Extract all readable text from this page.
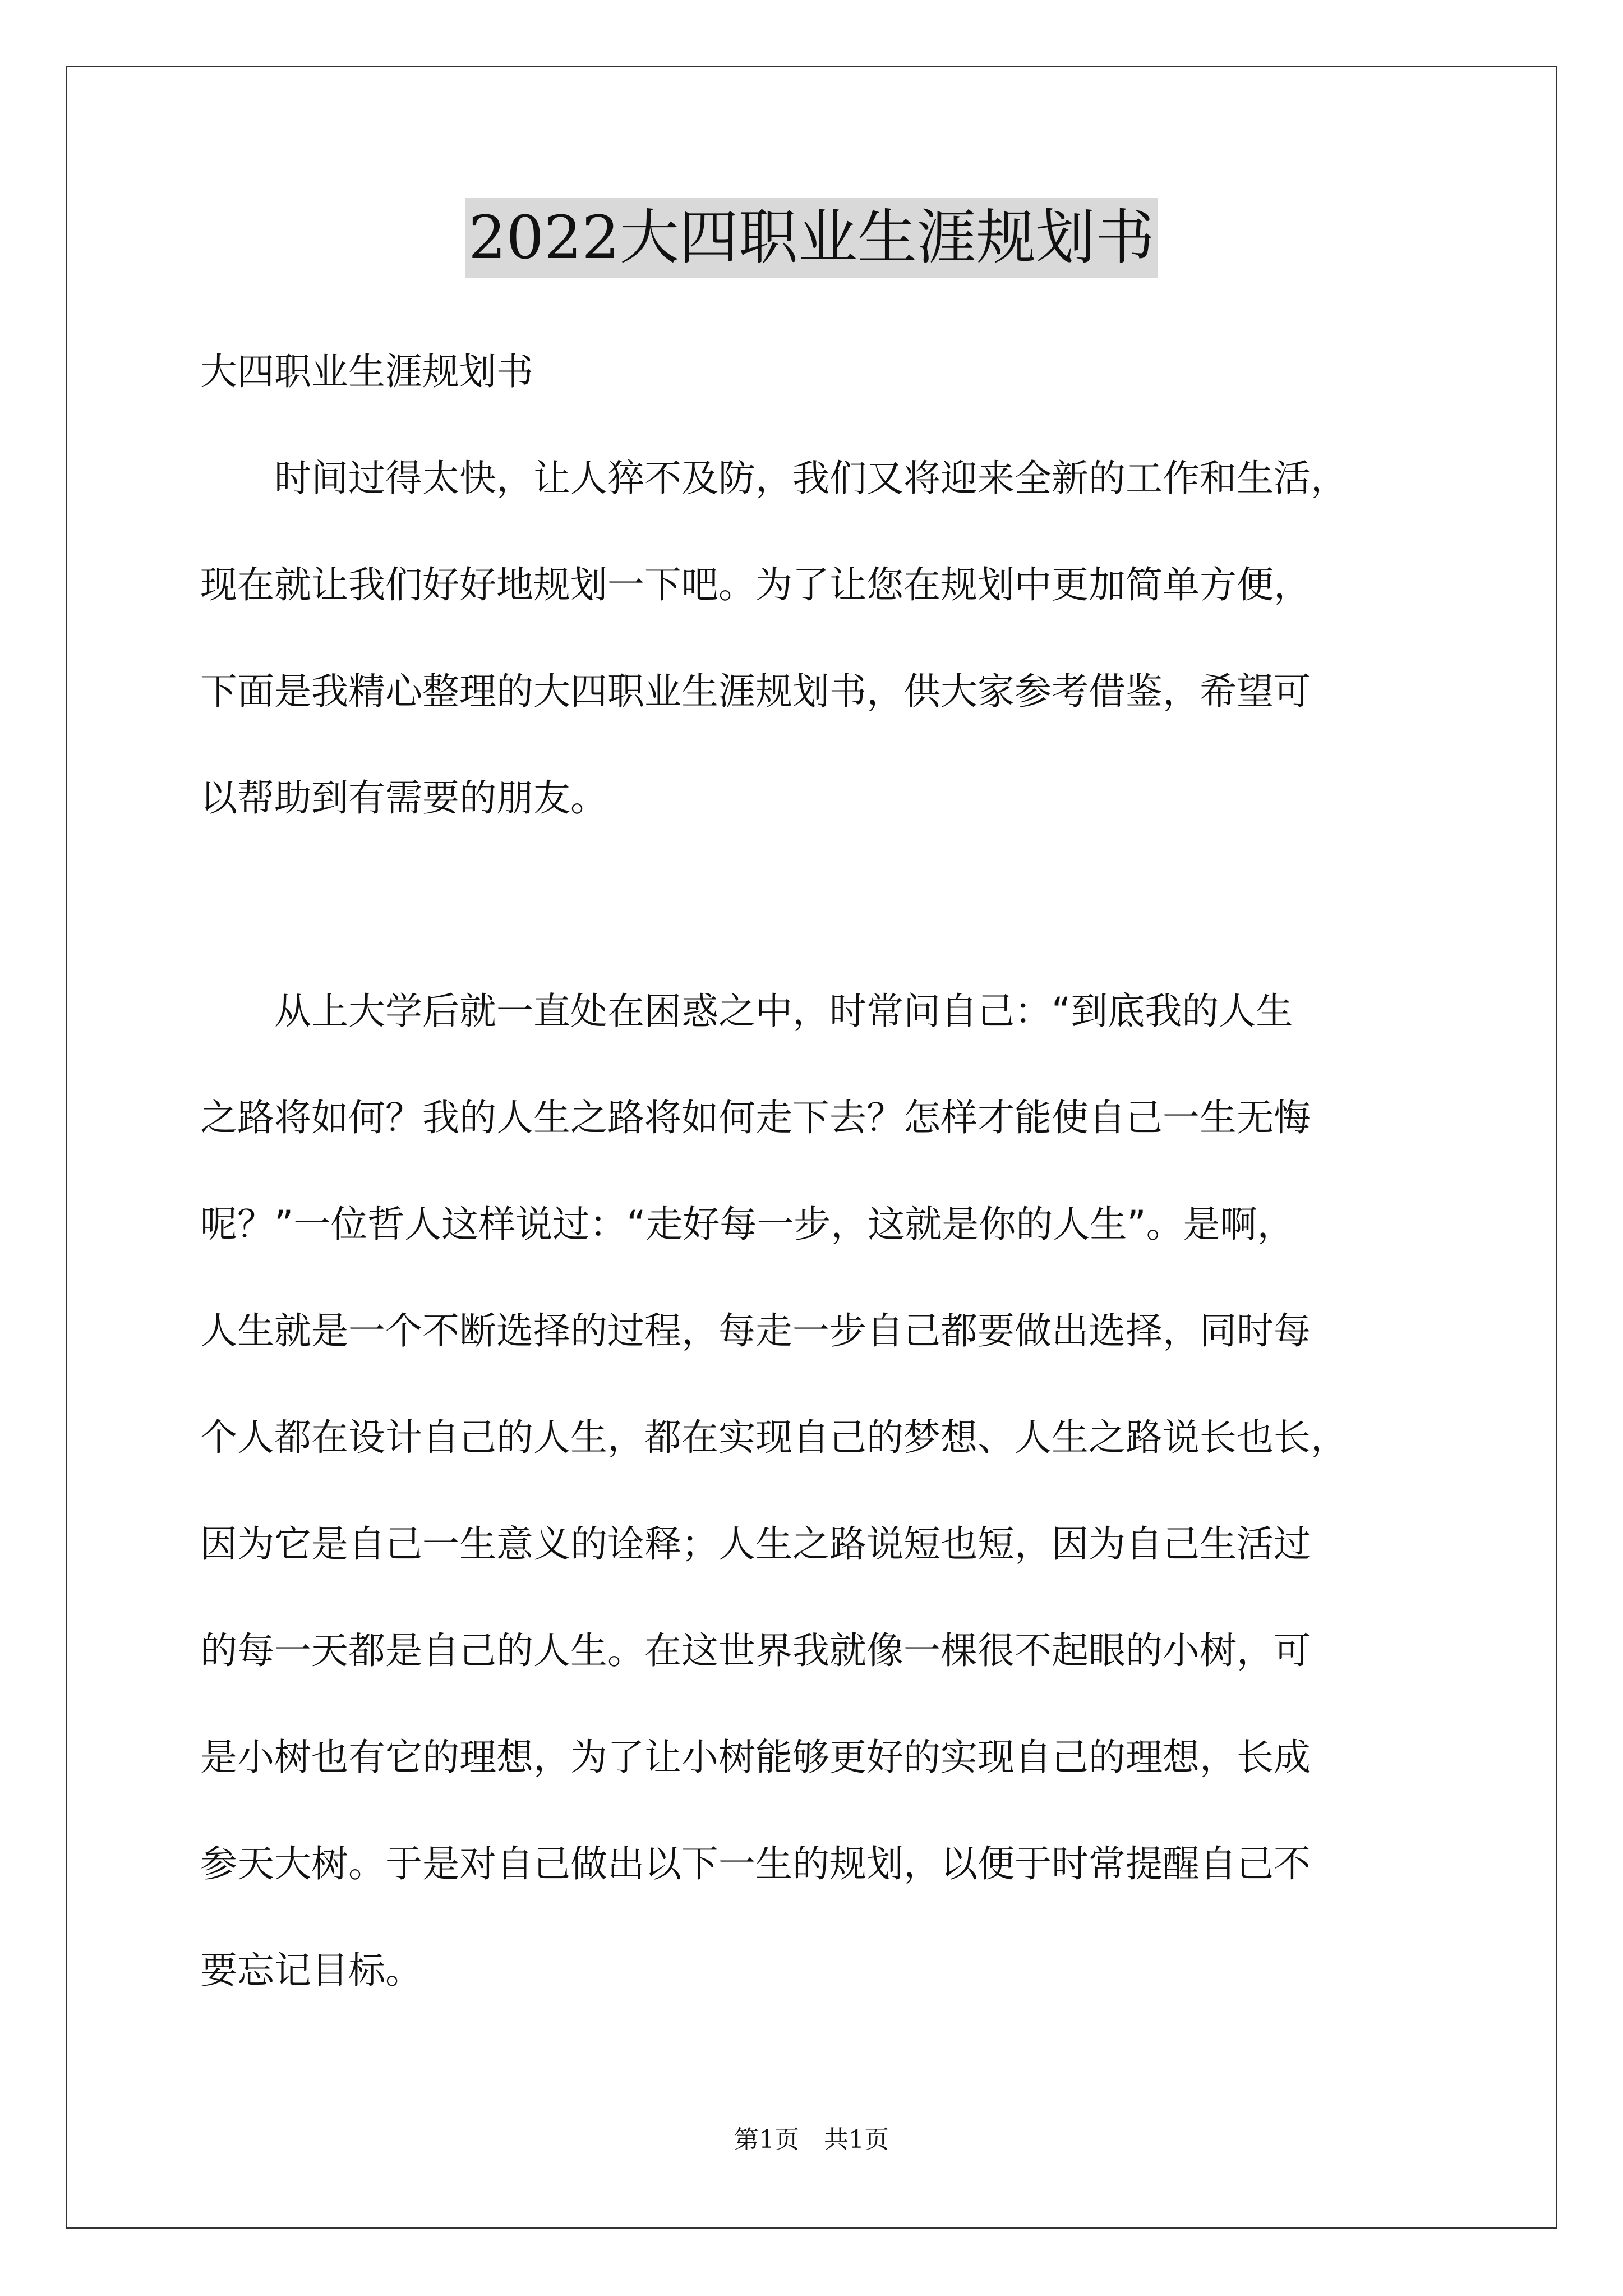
2022大四职业生涯规划书
大四职业生涯规划书
　　时间过得太快，让人猝不及防，我们又将迎来全新的工作和生活，
现在就让我们好好地规划一下吧。为了让您在规划中更加简单方便，
下面是我精心整理的大四职业生涯规划书，供大家参考借鉴，希望可
以帮助到有需要的朋友。
　　从上大学后就一直处在困惑之中，时常问自己：“到底我的人生
之路将如何？我的人生之路将如何走下去？怎样才能使自己一生无悔
呢？”一位哲人这样说过：“走好每一步，这就是你的人生”。是啊，
人生就是一个不断选择的过程，每走一步自己都要做出选择，同时每
个人都在设计自己的人生，都在实现自己的梦想、人生之路说长也长，
因为它是自己一生意义的诠释；人生之路说短也短，因为自己生活过
的每一天都是自己的人生。在这世界我就像一棵很不起眼的小树，可
是小树也有它的理想，为了让小树能够更好的实现自己的理想，长成
参天大树。于是对自己做出以下一生的规划，以便于时常提醒自己不
要忘记目标。
第1页　共1页
